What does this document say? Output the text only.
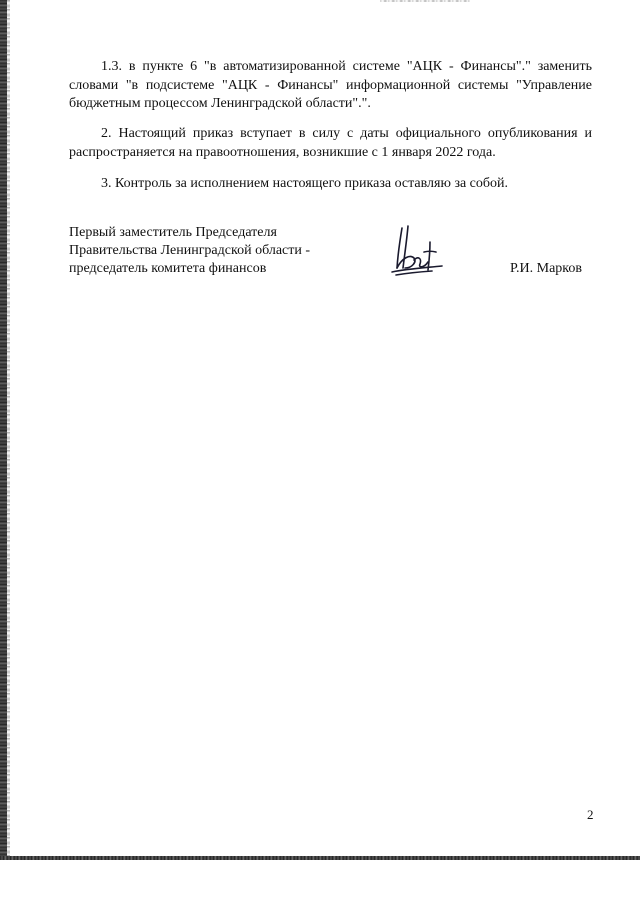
1.3. в пункте 6 "в автоматизированной системе "АЦК - Финансы"." заменить словами "в подсистеме "АЦК - Финансы" информационной системы "Управление бюджетным процессом Ленинградской области".".

2. Настоящий приказ вступает в силу с даты официального опубликования и распространяется на правоотношения, возникшие с 1 января 2022 года.

3. Контроль за исполнением настоящего приказа оставляю за собой.

Первый заместитель Председателя
Правительства Ленинградской области -
председатель комитета финансов	Р.И. Марков
2
